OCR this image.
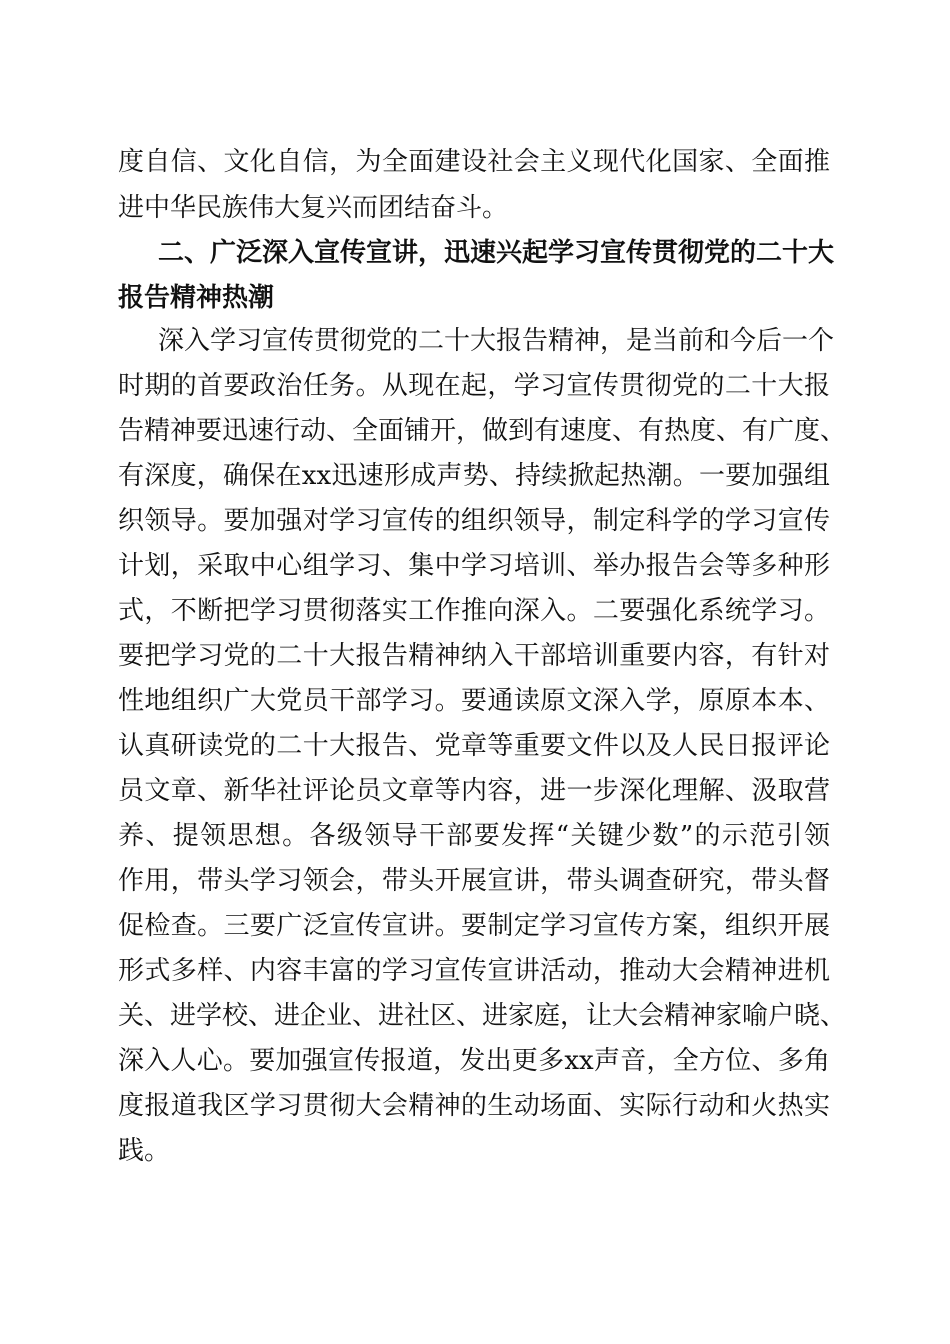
度自信、文化自信，为全面建设社会主义现代化国家、全面推
进中华民族伟大复兴而团结奋斗。
二、广泛深入宣传宣讲，迅速兴起学习宣传贯彻党的二十大
报告精神热潮
深入学习宣传贯彻党的二十大报告精神，是当前和今后一个
时期的首要政治任务。从现在起，学习宣传贯彻党的二十大报
告精神要迅速行动、全面铺开，做到有速度、有热度、有广度、
有深度，确保在xx迅速形成声势、持续掀起热潮。一要加强组
织领导。要加强对学习宣传的组织领导，制定科学的学习宣传
计划，采取中心组学习、集中学习培训、举办报告会等多种形
式，不断把学习贯彻落实工作推向深入。二要强化系统学习。
要把学习党的二十大报告精神纳入干部培训重要内容，有针对
性地组织广大党员干部学习。要通读原文深入学，原原本本、
认真研读党的二十大报告、党章等重要文件以及人民日报评论
员文章、新华社评论员文章等内容，进一步深化理解、汲取营
养、提领思想。各级领导干部要发挥“关键少数”的示范引领
作用，带头学习领会，带头开展宣讲，带头调查研究，带头督
促检查。三要广泛宣传宣讲。要制定学习宣传方案，组织开展
形式多样、内容丰富的学习宣传宣讲活动，推动大会精神进机
关、进学校、进企业、进社区、进家庭，让大会精神家喻户晓、
深入人心。要加强宣传报道，发出更多xx声音，全方位、多角
度报道我区学习贯彻大会精神的生动场面、实际行动和火热实
践。
